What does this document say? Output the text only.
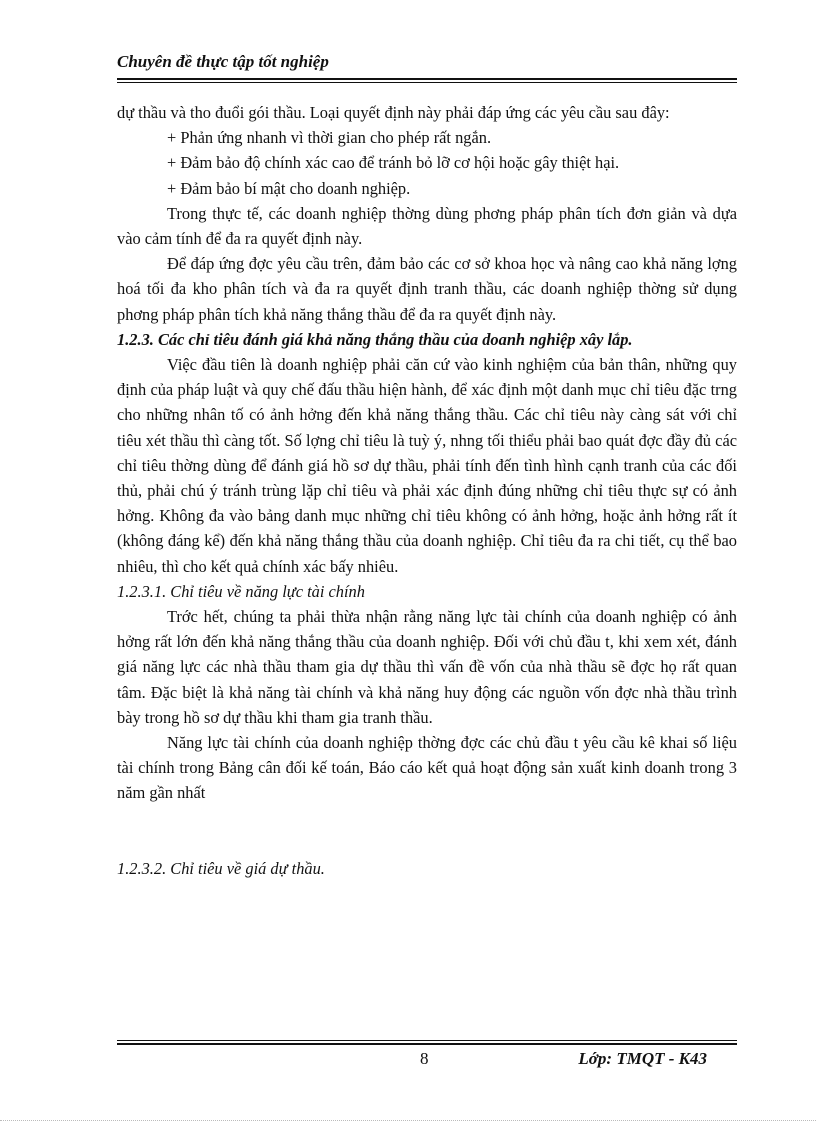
Chuyên đề thực tập tốt nghiệp

dự thầu và tho đuổi gói thầu. Loại quyết định này phải đáp ứng các yêu cầu sau đây:

+ Phản ứng nhanh vì thời gian cho phép rất ngắn.

+ Đảm bảo độ chính xác cao để tránh bỏ lỡ cơ hội hoặc gây thiệt hại.

+ Đảm bảo bí mật cho doanh nghiệp.

Trong thực tế, các doanh nghiệp thờng dùng phơng pháp phân tích đơn giản và dựa vào cảm tính để đa ra quyết định này.

Để đáp ứng đợc yêu cầu trên, đảm bảo các cơ sở khoa học và nâng cao khả năng lợng hoá tối đa kho phân tích và đa ra quyết định tranh thầu, các doanh nghiệp thờng sử dụng phơng pháp phân tích khả năng thắng thầu để đa ra quyết định này.

1.2.3. Các chỉ tiêu đánh giá khả năng thắng thầu của doanh nghiệp xây lắp.

Việc đầu tiên là doanh nghiệp phải căn cứ vào kinh nghiệm của bản thân, những quy định của pháp luật và quy chế đấu thầu hiện hành, để xác định một danh mục chỉ tiêu đặc trng cho những nhân tố có ảnh hởng đến khả năng thắng thầu. Các chỉ tiêu này càng sát với chỉ tiêu xét thầu thì càng tốt. Số lợng chỉ tiêu là tuỳ ý, nhng tối thiểu phải bao quát đợc đầy đủ các chỉ tiêu thờng dùng để đánh giá hồ sơ dự thầu, phải tính đến tình hình cạnh tranh của các đối thủ, phải chú ý tránh trùng lặp chỉ tiêu và phải xác định đúng những chỉ tiêu thực sự có ảnh hởng. Không đa vào bảng danh mục những chỉ tiêu không có ảnh hởng, hoặc ảnh hởng rất ít (không đáng kể) đến khả năng thắng thầu của doanh nghiệp. Chỉ tiêu đa ra chi tiết, cụ thể bao nhiêu, thì cho kết quả chính xác bấy nhiêu.

1.2.3.1. Chỉ tiêu về năng lực tài chính

Trớc hết, chúng ta phải thừa nhận rằng năng lực tài chính của doanh nghiệp có ảnh hởng rất lớn đến khả năng thắng thầu của doanh nghiệp. Đối với chủ đầu t, khi xem xét, đánh giá năng lực các nhà thầu tham gia dự thầu thì vấn đề vốn của nhà thầu sẽ đợc họ rất quan tâm. Đặc biệt là khả năng tài chính và khả năng huy động các nguồn vốn đợc nhà thầu trình bày trong hồ sơ dự thầu khi tham gia tranh thầu.

Năng lực tài chính của doanh nghiệp thờng đợc các chủ đầu t yêu cầu kê khai số liệu tài chính trong Bảng cân đối kế toán, Báo cáo kết quả hoạt động sản xuất kinh doanh trong 3 năm gần nhất

1.2.3.2. Chỉ tiêu về giá dự thầu.

8	Lớp: TMQT - K43
